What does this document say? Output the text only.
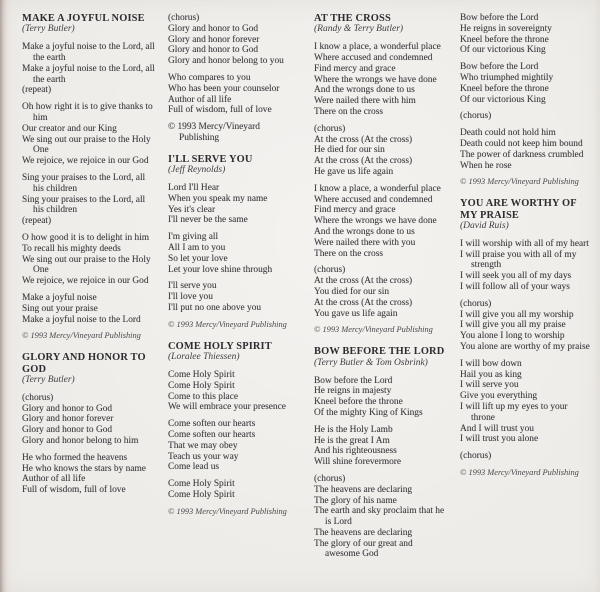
MAKE A JOYFUL NOISE
(Terry Butler)
Make a joyful noise to the Lord, all the earth
Make a joyful noise to the Lord, all the earth
(repeat)
Oh how right it is to give thanks to him
Our creator and our King
We sing out our praise to the Holy One
We rejoice, we rejoice in our God
Sing your praises to the Lord, all his children
Sing your praises to the Lord, all his children
(repeat)
O how good it is to delight in him
To recall his mighty deeds
We sing out our praise to the Holy One
We rejoice, we rejoice in our God
Make a joyful noise
Sing out your praise
Make a joyful noise to the Lord
© 1993 Mercy/Vineyard Publishing
GLORY AND HONOR TO GOD
(Terry Butler)
(chorus)
Glory and honor to God
Glory and honor forever
Glory and honor to God
Glory and honor belong to him
He who formed the heavens
He who knows the stars by name
Author of all life
Full of wisdom, full of love
(chorus)
Glory and honor to God
Glory and honor forever
Glory and honor to God
Glory and honor belong to you
Who compares to you
Who has been your counselor
Author of all life
Full of wisdom, full of love
© 1993 Mercy/Vineyard Publishing
I'LL SERVE YOU
(Jeff Reynolds)
Lord I'll Hear
When you speak my name
Yes it's clear
I'll never be the same
I'm giving all
All I am to you
So let your love
Let your love shine through
I'll serve you
I'll love you
I'll put no one above you
© 1993 Mercy/Vineyard Publishing
COME HOLY SPIRIT
(Loralee Thiessen)
Come Holy Spirit
Come Holy Spirit
Come to this place
We will embrace your presence
Come soften our hearts
Come soften our hearts
That we may obey
Teach us your way
Come lead us
Come Holy Spirit
Come Holy Spirit
© 1993 Mercy/Vineyard Publishing
AT THE CROSS
(Randy & Terry Butler)
I know a place, a wonderful place
Where accused and condemned
Find mercy and grace
Where the wrongs we have done
And the wrongs done to us
Were nailed there with him
There on the cross
(chorus)
At the cross (At the cross)
He died for our sin
At the cross (At the cross)
He gave us life again
I know a place, a wonderful place
Where accused and condemned
Find mercy and grace
Where the wrongs we have done
And the wrongs done to us
Were nailed there with you
There on the cross
(chorus)
At the cross (At the cross)
You died for our sin
At the cross (At the cross)
You gave us life again
© 1993 Mercy/Vineyard Publishing
BOW BEFORE THE LORD
(Terry Butler & Tom Osbrink)
Bow before the Lord
He reigns in majesty
Kneel before the throne
Of the mighty King of Kings
He is the Holy Lamb
He is the great I Am
And his righteousness
Will shine forevermore
(chorus)
The heavens are declaring
The glory of his name
The earth and sky proclaim that he is Lord
The heavens are declaring
The glory of our great and awesome God
Bow before the Lord
He reigns in sovereignty
Kneel before the throne
Of our victorious King
Bow before the Lord
Who triumphed mightily
Kneel before the throne
Of our victorious King
(chorus)
Death could not hold him
Death could not keep him bound
The power of darkness crumbled
When he rose
© 1993 Mercy/Vineyard Publishing
YOU ARE WORTHY OF MY PRAISE
(David Ruis)
I will worship with all of my heart
I will praise you with all of my strength
I will seek you all of my days
I will follow all of your ways
(chorus)
I will give you all my worship
I will give you all my praise
You alone I long to worship
You alone are worthy of my praise
I will bow down
Hail you as king
I will serve you
Give you everything
I will lift up my eyes to your throne
And I will trust you
I will trust you alone
(chorus)
© 1993 Mercy/Vineyard Publishing
